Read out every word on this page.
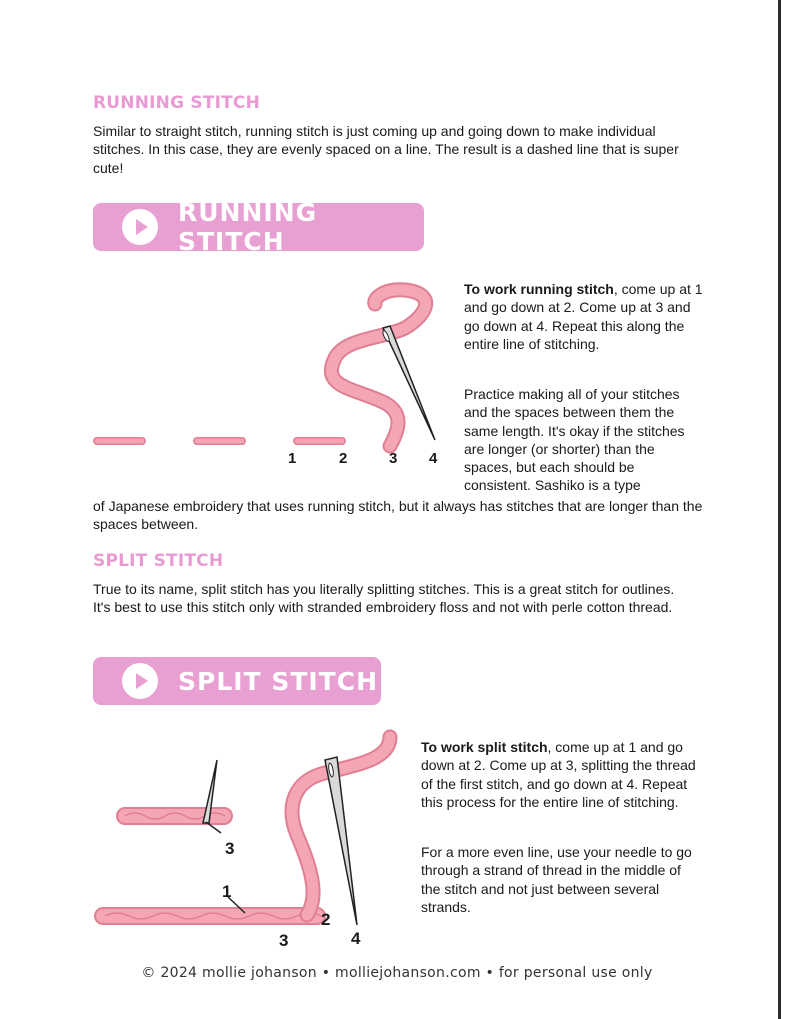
RUNNING STITCH

Similar to straight stitch, running stitch is just coming up and going down to make individual stitches. In this case, they are evenly spaced on a line. The result is a dashed line that is super cute!

RUNNING STITCH
1	2	3 4
To work running stitch, come up at 1 and go down at 2. Come up at 3 and go down at 4. Repeat this along the entire line of stitching.

Practice making all of your stitches and the spaces between them the same length. It's okay if the stitches are longer (or shorter) than the spaces, but each should be consistent. Sashiko is a type

of Japanese embroidery that uses running stitch, but it always has stitches that are longer than the spaces between.

SPLIT STITCH

True to its name, split stitch has you literally splitting stitches. This is a great stitch for outlines. It's best to use this stitch only with stranded embroidery floss and not with perle cotton thread.

SPLIT STITCH
1
2
3	4
3
To work split stitch, come up at 1 and go down at 2. Come up at 3, splitting the thread of the first stitch, and go down at 4. Repeat this process for the entire line of stitching.

For a more even line, use your needle to go through a strand of thread in the middle of the stitch and not just between several strands.

© 2024 mollie johanson • molliejohanson.com • for personal use only
